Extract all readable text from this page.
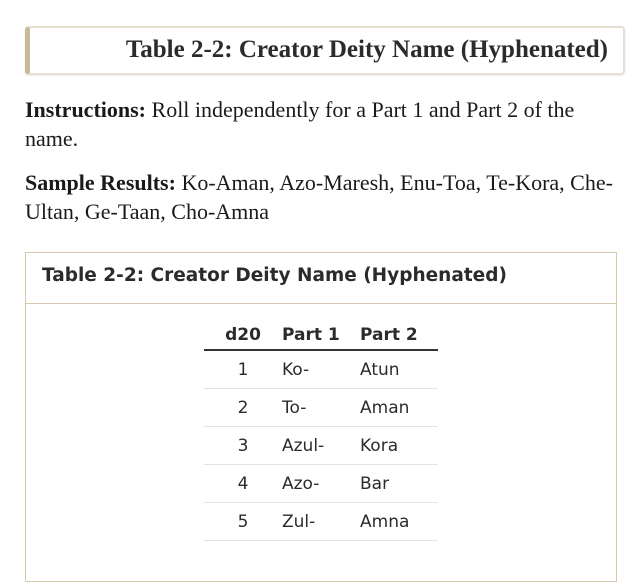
Table 2-2: Creator Deity Name (Hyphenated)
Instructions: Roll independently for a Part 1 and Part 2 of the name.
Sample Results: Ko-Aman, Azo-Maresh, Enu-Toa, Te-Kora, Che-Ultan, Ge-Taan, Cho-Amna
Table 2-2: Creator Deity Name (Hyphenated)
d20	Part 1	Part 2
1	Ko-	Atun
2	To-	Aman
3	Azul-	Kora
4	Azo-	Bar
5	Zul-	Amna
